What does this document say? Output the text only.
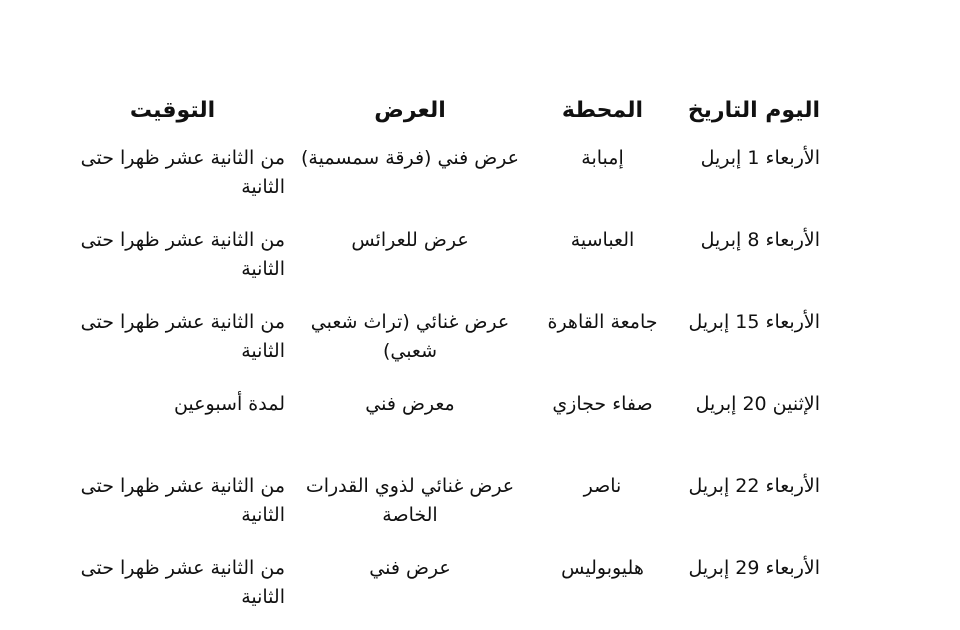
اليوم التاريخ	المحطة	العرض	التوقيت
الأربعاء 1 إبريل	إمبابة	عرض فني (فرقة سمسمية)	من الثانية عشر ظهرا حتى الثانية
الأربعاء 8 إبريل	العباسية	عرض للعرائس	من الثانية عشر ظهرا حتى الثانية
الأربعاء 15 إبريل	جامعة القاهرة	عرض غنائي (تراث شعبي شعبي)	من الثانية عشر ظهرا حتى الثانية
الإثنين 20 إبريل	صفاء حجازي	معرض فني	لمدة أسبوعين
الأربعاء 22 إبريل	ناصر	عرض غنائي لذوي القدرات الخاصة	من الثانية عشر ظهرا حتى الثانية
الأربعاء 29 إبريل	هليوبوليس	عرض فني	من الثانية عشر ظهرا حتى الثانية
